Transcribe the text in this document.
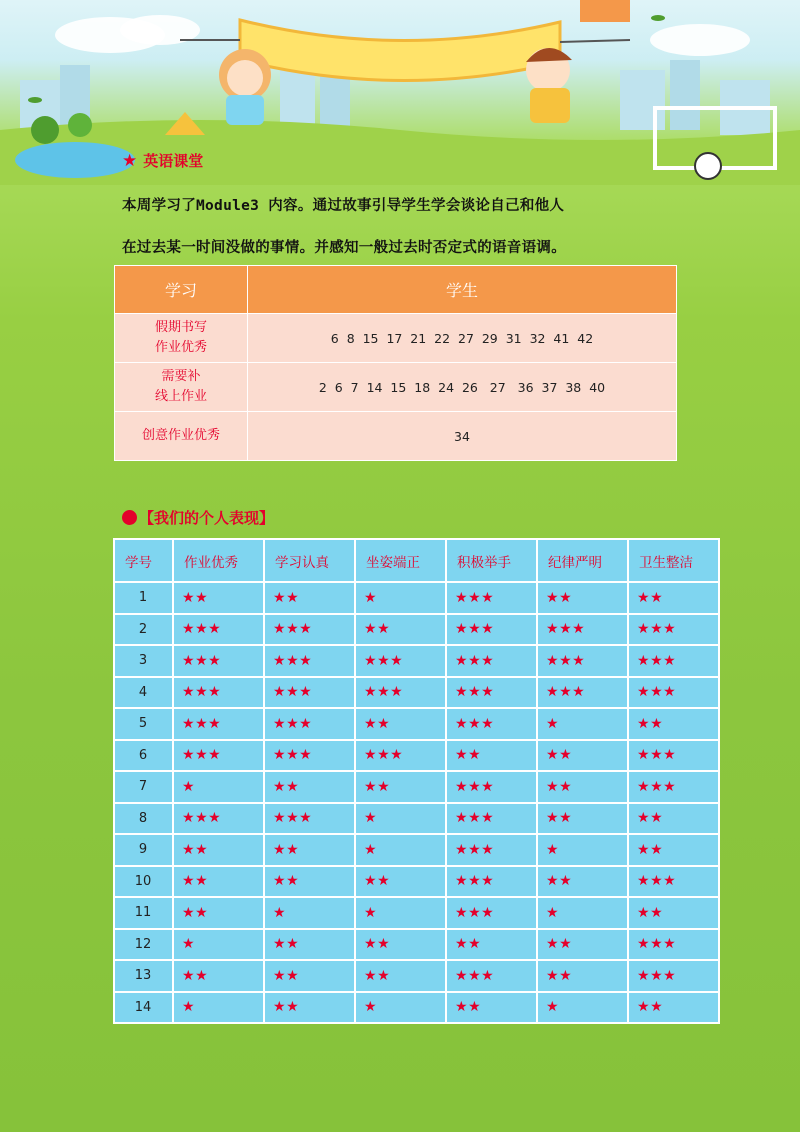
★ 英语课堂
本周学习了Module3 内容。通过故事引导学生学会谈论自己和他人
在过去某一时间没做的事情。并感知一般过去时否定式的语音语调。
学习	学生
假期书写
作业优秀	6  8  15  17  21  22  27  29  31  32  41  42
需要补
线上作业	2  6  7  14  15  18  24  26   27   36  37  38  40
创意作业优秀	34
【我们的个人表现】
学号	作业优秀	学习认真	坐姿端正	积极举手	纪律严明	卫生整洁
1	★★	★★	★	★★★	★★	★★
2	★★★	★★★	★★	★★★	★★★	★★★
3	★★★	★★★	★★★	★★★	★★★	★★★
4	★★★	★★★	★★★	★★★	★★★	★★★
5	★★★	★★★	★★	★★★	★	★★
6	★★★	★★★	★★★	★★	★★	★★★
7	★	★★	★★	★★★	★★	★★★
8	★★★	★★★	★	★★★	★★	★★
9	★★	★★	★	★★★	★	★★
10	★★	★★	★★	★★★	★★	★★★
11	★★	★	★	★★★	★	★★
12	★	★★	★★	★★	★★	★★★
13	★★	★★	★★	★★★	★★	★★★
14	★	★★	★	★★	★	★★
